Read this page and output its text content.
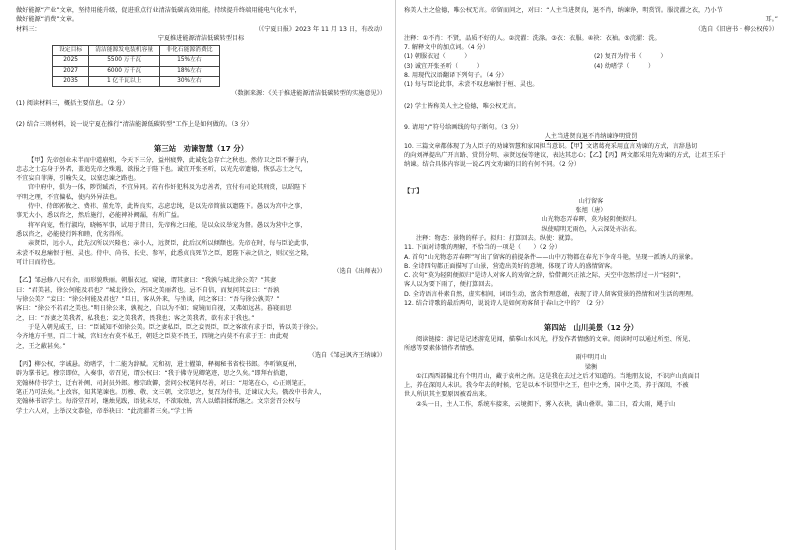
做好能源“产业”文章，坚持用能升级，促进重点行业清洁低碳高效用能，持续提升终端用能电气化水平，

做好能源“消费”文章。

材料三：	（《宁夏日报》2023 年 11 月 13 日，有改动）

宁夏推进能源清洁低碳转型目标

设定目标	清洁能源发电装机容量	非化石能源消费比
2025	5500 万千瓦	15%左右
2027	6000 万千瓦	18%左右
2035	1 亿千瓦以上	30%左右

（数据来源：《关于推进能源清洁低碳转型的实施意见》）

(1) 阅读材料三，概括主要信息。（2 分）

(2) 结合三则材料，说一说宁夏在推行“清洁能源低碳转型”工作上是如何做的。（3 分）

第三站　劝谏智慧（17 分）

【甲】先帝创业未半而中道崩殂，今天下三分，益州疲弊，此诚危急存亡之秋也。然侍卫之臣不懈于内，

忠志之士忘身于外者，盖追先帝之殊遇，欲报之于陛下也。诚宜开张圣听，以光先帝遗德，恢弘志士之气，

不宜妄自菲薄，引喻失义，以塞忠谏之路也。

宫中府中，俱为一体，陟罚臧否，不宜异同。若有作奸犯科及为忠善者，宜付有司论其刑赏，以昭陛下

平明之理，不宜偏私，使内外异法也。

侍中、侍郎郭攸之、费祎、董允等，此皆良实，志虑忠纯，是以先帝简拔以遗陛下。愚以为宫中之事，

事无大小，悉以咨之，然后施行，必能裨补阙漏，有所广益。

将军向宠，性行淑均，晓畅军事，试用于昔日，先帝称之曰能，是以众议举宠为督。愚以为营中之事，

悉以咨之，必能使行阵和睦，优劣得所。

亲贤臣，远小人，此先汉所以兴隆也；亲小人，远贤臣，此后汉所以倾颓也。先帝在时，每与臣论此事，

未尝不叹息痛恨于桓、灵也。侍中、尚书、长史、参军，此悉贞良死节之臣，愿陛下亲之信之，则汉室之隆，

可计日而待也。

（选自《出师表》）

【乙】邹忌修八尺有余，而形貌昳丽。朝服衣冠，窥镜，谓其妻曰：“我孰与城北徐公美？”其妻

曰：“君美甚，徐公何能及君也？”城北徐公，齐国之美丽者也。忌不自信，而复问其妾曰：“吾孰

与徐公美？”妾曰：“徐公何能及君也？”旦日，客从外来，与坐谈，问之客曰：“吾与徐公孰美？”

客曰：“徐公不若君之美也。”明日徐公来，孰视之，自以为不如；窥镜而自视，又弗如远甚。暮寝而思

之，曰：“吾妻之美我者，私我也；妾之美我者，畏我也；客之美我者，欲有求于我也。”

于是入朝见威王，曰：“臣诚知不如徐公美。臣之妻私臣，臣之妾畏臣，臣之客欲有求于臣，皆以美于徐公。

今齐地方千里，百二十城，宫妇左右莫不私王，朝廷之臣莫不畏王，四境之内莫不有求于王：由此观

之，王之蔽甚矣。”

（选自《邹忌讽齐王纳谏》）

【丙】柳公权，字诚悬。幼嗜学，十二能为辞赋。元和初，进士擢第，释褐秘书省校书郎。李听镇夏州，

辟为掌书记。穆宗即位，入奏事，帝召见，谓公权曰：“我于佛寺见卿笔迹，思之久矣。”即拜右拾遗，

充翰林侍书学士，迁右补阙、司封员外郎。穆宗政僻，尝问公权笔何尽善，对曰：“用笔在心，心正则笔正，

笔正乃可法矣。”上改容，知其笔谏也。历穆、敬、文三朝，文宗思之，复召为侍书，迁谏议大夫。俄改中书舍人，

充翰林书诏学士。每浴堂召对，继烛见跋，语犹未尽，不欲取烛，宫人以蜡泪揉纸继之。文宗尝召公权与

学士六人对，上举汉文恭俭，帝举袂曰：“此浣濯者三矣。”学士皆

称美人主之俭德，唯公权无言。帝留而问之，对曰：“人主当进贤良，退不肖，纳谏诤，明赏罚。服浣濯之衣，乃小节

耳。”

（选自《旧唐书 · 柳公权传》）

注释：①不肖：不贤，品质不好的人。②浣濯：洗涤。③衣：衣服。④袂：衣袖。⑤浣濯：洗。

7. 解释文中的加点词。（4 分）

(1) 朝服衣冠（　　　）	(2) 复召为侍书（　　　）
(3) 诚宜开张圣听（　　　）	(4) 幼嗜学（　　　）

8. 用现代汉语翻译下列句子。（4 分）

(1) 每与臣论此事，未尝不叹息痛恨于桓、灵也。

(2) 学士皆称美人主之俭德，唯公权无言。

9. 请用“/”符号给画线的句子断句。（3 分）

人主当进贤良退不肖纳谏诤明赏罚

10. 三篇文章都体现了为人臣子的劝谏智慧和家国担当意识。【甲】文诸葛亮采用直言劝谏的方式，言辞恳切

的向刘禅提出广开言路、赏罚分明、亲贤远佞等建议，表达其忠心；【乙】【丙】两文都采用先劝谏的方式，让君王乐于

纳谏。结合具体内容说一说乙丙文劝谏的目的有何不同。（2 分）

【丁】

山行留客

张旭（唐）

山光物态弄春晖，莫为轻阴便拟归。

纵使晴明无雨色，入云深处亦沾衣。

注释：物态：景物的样子。拟归：打算回去。纵使：就算。

11. 下面对诗歌的理解，不恰当的一项是（　　）（2 分）

A. 首句“山光物态弄春晖”写出了留客的前提条件——山中万物都在春光下争奇斗艳，呈现一派诱人的景象。

B. 全诗四句都正面描写了山景，营造出美好的意境，体现了诗人的盛情留客。

C. 次句“莫为轻阴便拟归”是诗人对客人的劝留之辞，恰借调兴正浓之际，天空中忽然浮过一片“轻阴”，

客人以为要下雨了，便打算回去。

D. 全诗语言朴素自然，虚实相间，词语生动，富含哲理意蕴，表现了诗人留客赏景的热情和对生活的理理。

12. 结合诗歌的最后两句，说说诗人是如何劝客留于春山之中的？（2 分）

第四站　山川美景（12 分）

阅读链接：游记是记述游览见闻，描摹山水风光，抒发作者情感的文章。阅读时可以通过所至、所见、

所感等要素体情作者情感。

雨中明月山

梁衡

①江西西部偏北有个明月山，藏于袁州之南。这是我在去过之后才知道的。当地朋友说，不识庐山真面目

上，养在深闺人未识。我今年去的时候，它是以本不识望中之王，但中之秀，国中之美，养于深闺，不被

世人所识其主要原因被看出来。

②头一日，主人工作，系统车接来，云境拥下，雾入衣袂，满山叠翠。第二日，看大雨，飓于山
